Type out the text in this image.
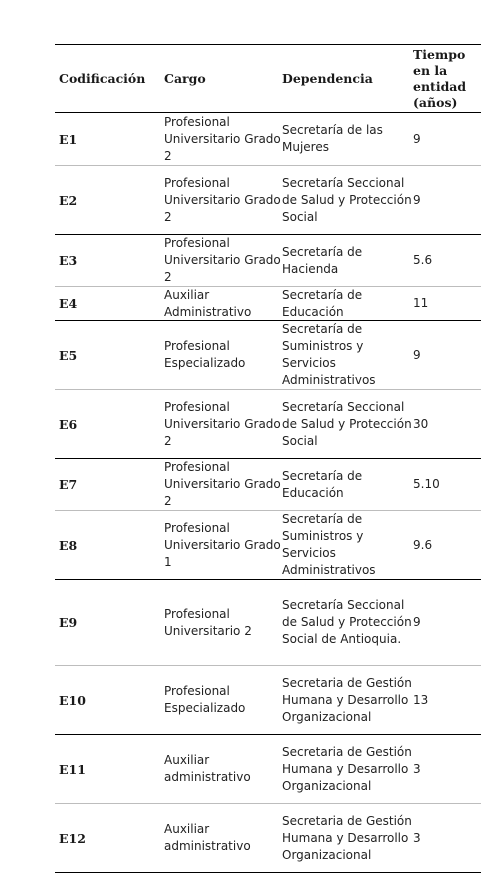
Codificación	Cargo	Dependencia
Tiempo en la entidad (años)
E1
Profesional Universitario Grado 2
Secretaría de las Mujeres
9
E2
Profesional Universitario Grado 2
Secretaría Seccional de Salud y Protección Social
9
E3
Profesional Universitario Grado 2
Secretaría de Hacienda
5.6
E4
Auxiliar Administrativo
Secretaría de Educación
11
E5
Profesional Especializado
Secretaría de Suministros y Servicios Administrativos
9
E6
Profesional Universitario Grado 2
Secretaría Seccional de Salud y Protección Social
30
E7
Profesional Universitario Grado 2
Secretaría de Educación
5.10
E8
Profesional Universitario Grado 1
Secretaría de Suministros y Servicios Administrativos
9.6
E9
Profesional Universitario 2
Secretaría Seccional de Salud y Protección Social de Antioquia.
9
E10
Profesional Especializado
Secretaria de Gestión Humana y Desarrollo Organizacional
13
E11
Auxiliar administrativo
Secretaria de Gestión Humana y Desarrollo Organizacional
3
E12
Auxiliar administrativo
Secretaria de Gestión Humana y Desarrollo Organizacional
3
